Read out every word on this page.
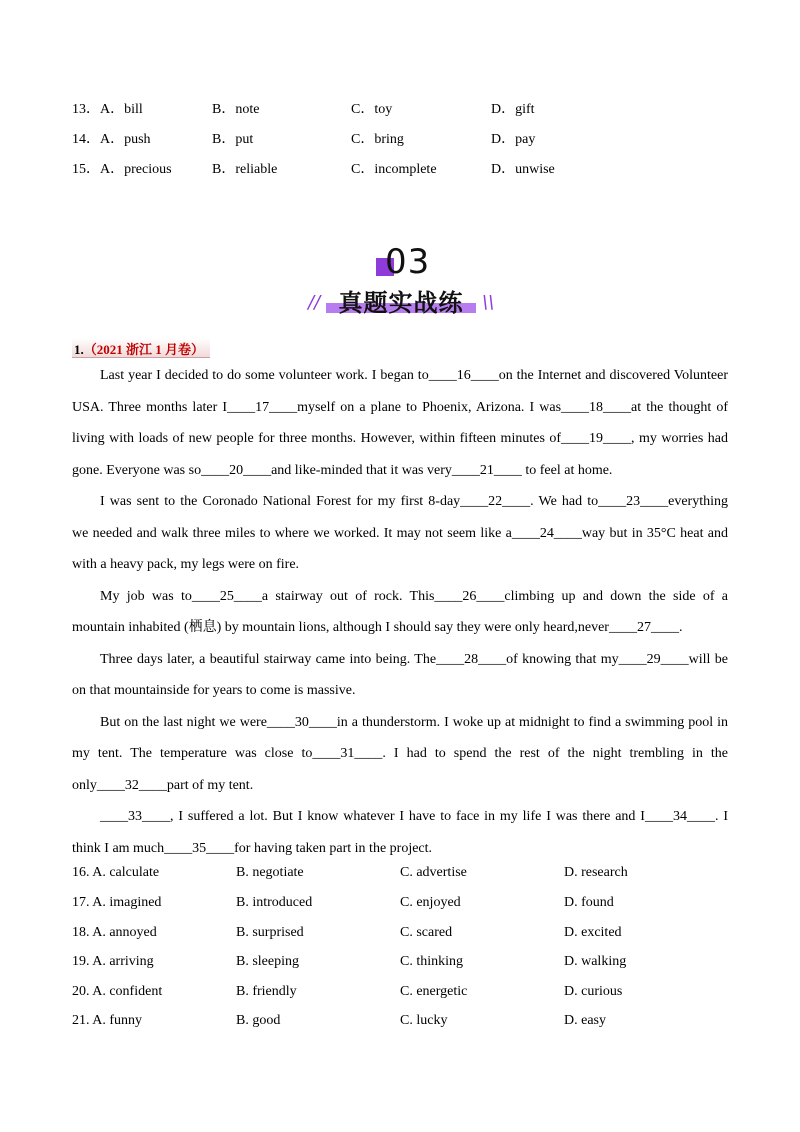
13．A．bill	B．note	C．toy	D．gift
14．A．push	B．put	C．bring	D．pay
15．A．precious	B．reliable	C．incomplete	D．unwise
03
// 真题实战练	\\
1.（2021 浙江 1 月卷）
Last year I decided to do some volunteer work. I began to____16____on the Internet and discovered Volunteer
USA. Three months later I____17____myself on a plane to Phoenix, Arizona. I was____18____at the thought of
living with loads of new people for three months. However, within fifteen minutes of____19____, my worries had
gone. Everyone was so____20____and like-minded that it was very____21____ to feel at home.
I was sent to the Coronado National Forest for my first 8-day____22____. We had to____23____everything
we needed and walk three miles to where we worked. It may not seem like a____24____way but in 35°C heat and
with a heavy pack, my legs were on fire.
My job was to____25____a stairway out of rock. This____26____climbing up and down the side of a
mountain inhabited (栖息) by mountain lions, although I should say they were only heard,never____27____.
Three days later, a beautiful stairway came into being. The____28____of knowing that my____29____will be
on that mountainside for years to come is massive.
But on the last night we were____30____in a thunderstorm. I woke up at midnight to find a swimming pool in
my tent. The temperature was close to____31____. I had to spend the rest of the night trembling in the
only____32____part of my tent.
____33____, I suffered a lot. But I know whatever I have to face in my life I was there and I____34____. I
think I am much____35____for having taken part in the project.
16. A. calculate	B. negotiate	C. advertise	D. research
17. A. imagined	B. introduced	C. enjoyed	D. found
18. A. annoyed	B. surprised	C. scared	D. excited
19. A. arriving	B. sleeping	C. thinking	D. walking
20. A. confident	B. friendly	C. energetic	D. curious
21. A. funny	B. good	C. lucky	D. easy
